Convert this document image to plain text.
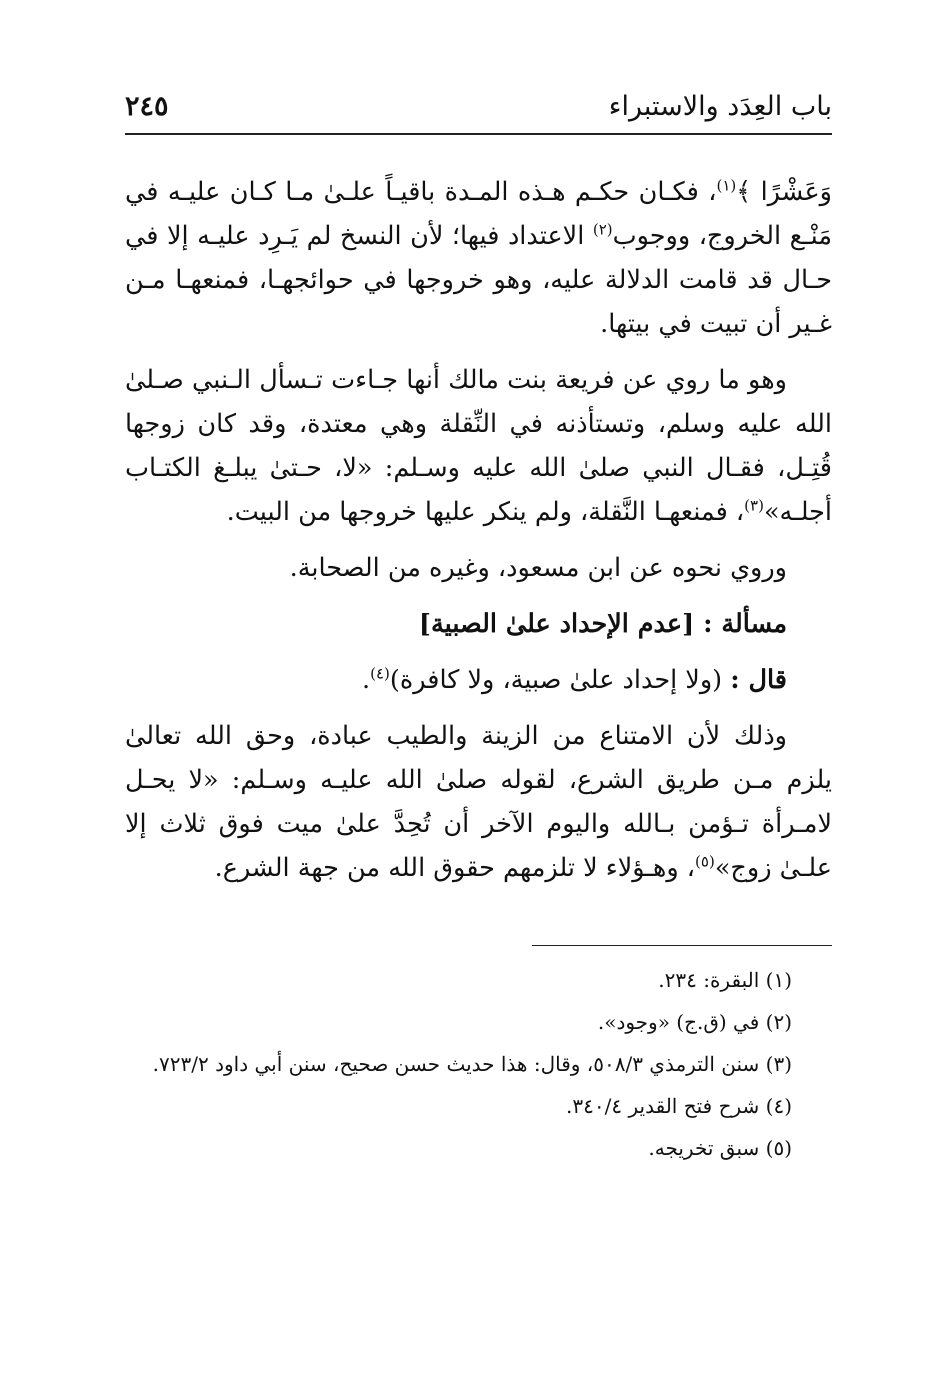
باب العِدَد والاستبراء
٢٤٥

وَعَشْرًا ﴾$^{(١)}$، فكـان حكـم هـذه المـدة باقيـاً علـىٰ مـا كـان عليـه في مَنْـع الخروج، ووجوب$^{(٢)}$ الاعتداد فيها؛ لأن النسخ لم يَـرِد عليـه إلا في حـال قد قامت الدلالة عليه، وهو خروجها في حوائجهـا، فمنعهـا مـن غـير أن تبيت في بيتها.

وهو ما روي عن فريعة بنت مالك أنها جـاءت تـسأل الـنبي صـلىٰ الله عليه وسلم، وتستأذنه في النِّقلة وهي معتدة، وقد كان زوجها قُتِـل، فقـال النبي صلىٰ الله عليه وسـلم: «لا، حـتىٰ يبلـغ الكتـاب أجلـه»$^{(٣)}$، فمنعهـا النَّقلة، ولم ينكر عليها خروجها من البيت.

وروي نحوه عن ابن مسعود، وغيره من الصحابة.

مسألة : [عدم الإحداد علىٰ الصبية]

قال : (ولا إحداد علىٰ صبية، ولا كافرة)$^{(٤)}$.

وذلك لأن الامتناع من الزينة والطيب عبادة، وحق الله تعالىٰ يلزم مـن طريق الشرع، لقوله صلىٰ الله عليـه وسـلم: «لا يحـل لامـرأة تـؤمن بـالله واليوم الآخر أن تُحِدَّ علىٰ ميت فوق ثلاث إلا علـىٰ زوج»$^{(٥)}$، وهـؤلاء لا تلزمهم حقوق الله من جهة الشرع.

(١) البقرة: ٢٣٤.

(٢) في (ق.ج) «وجود».

(٣) سنن الترمذي ٥٠٨/٣، وقال: هذا حديث حسن صحيح، سنن أبي داود ٧٢٣/٢.

(٤) شرح فتح القدير ٣٤٠/٤.

(٥) سبق تخريجه.
